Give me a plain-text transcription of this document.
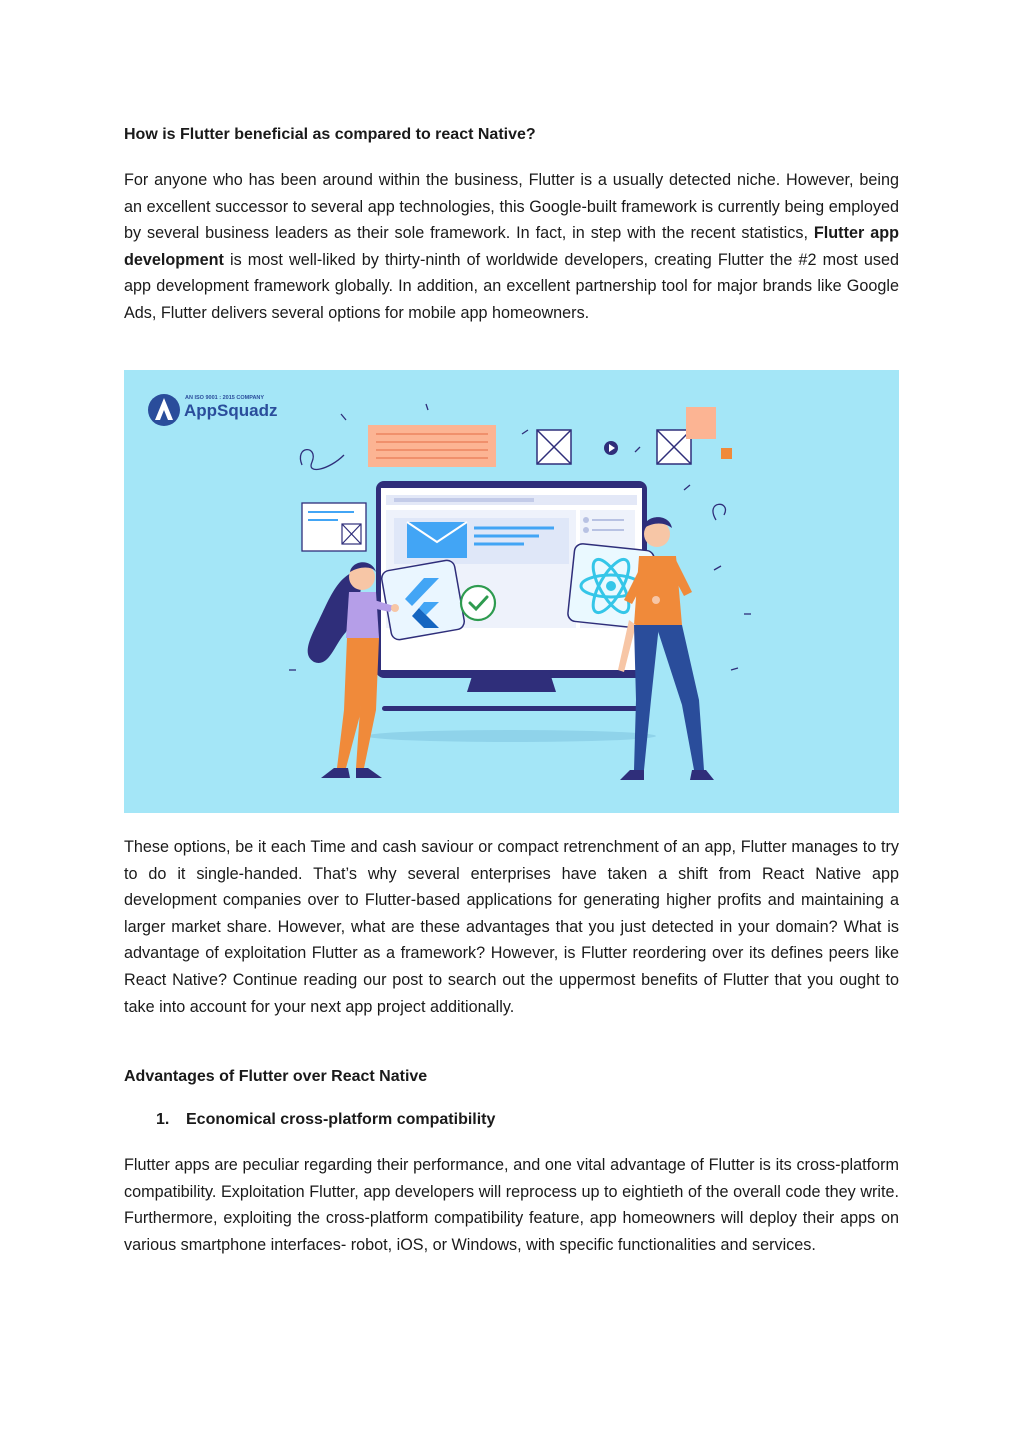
How is Flutter beneficial as compared to react Native?

For anyone who has been around within the business, Flutter is a usually detected niche. However, being an excellent successor to several app technologies, this Google-built framework is currently being employed by several business leaders as their sole framework. In fact, in step with the recent statistics, Flutter app development is most well-liked by thirty-ninth of worldwide developers, creating Flutter the #2 most used app development framework globally. In addition, an excellent partnership tool for major brands like Google Ads, Flutter delivers several options for mobile app homeowners.

AN ISO 9001 : 2015 COMPANY
AppSquadz

These options, be it each Time and cash saviour or compact retrenchment of an app, Flutter manages to try to do it single-handed. That’s why several enterprises have taken a shift from React Native app development companies over to Flutter-based applications for generating higher profits and maintaining a larger market share. However, what are these advantages that you just detected in your domain? What is advantage of exploitation Flutter as a framework? However, is Flutter reordering over its defines peers like React Native? Continue reading our post to search out the uppermost benefits of Flutter that you ought to take into account for your next app project additionally.

Advantages of Flutter over React Native
1. Economical cross-platform compatibility

Flutter apps are peculiar regarding their performance, and one vital advantage of Flutter is its cross-platform compatibility. Exploitation Flutter, app developers will reprocess up to eightieth of the overall code they write. Furthermore, exploiting the cross-platform compatibility feature, app homeowners will deploy their apps on various smartphone interfaces- robot, iOS, or Windows, with specific functionalities and services.
